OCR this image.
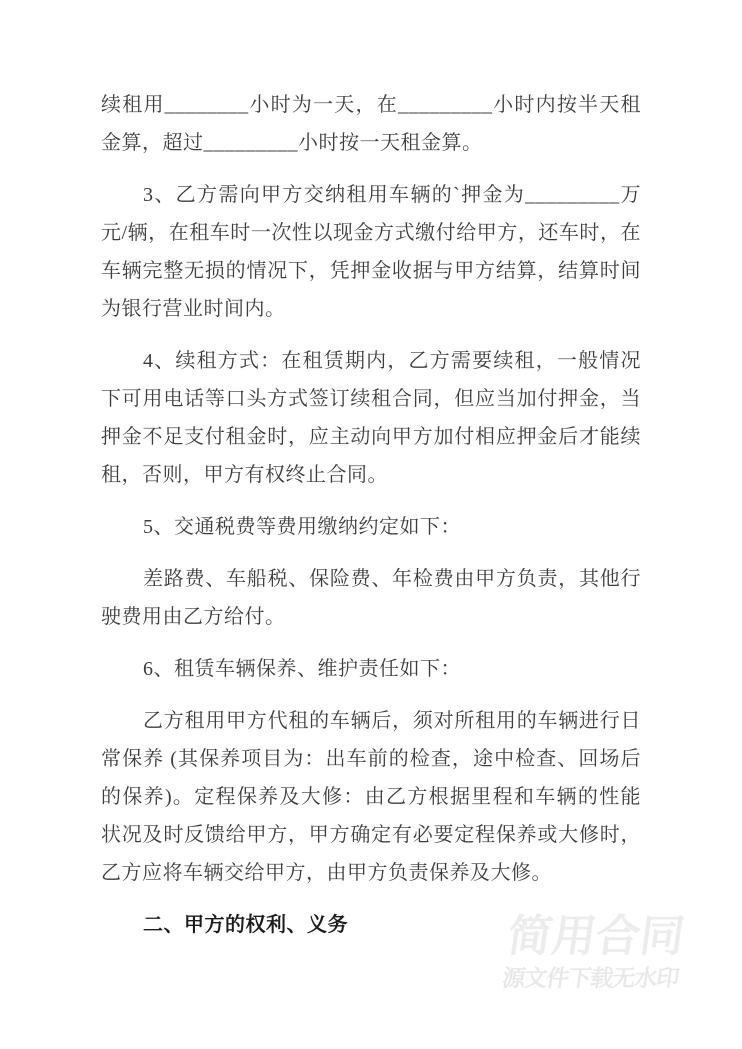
续租用________小时为一天，在_________小时内按半天租金算，超过_________小时按一天租金算。

3、乙方需向甲方交纳租用车辆的`押金为_________万元/辆，在租车时一次性以现金方式缴付给甲方，还车时，在车辆完整无损的情况下，凭押金收据与甲方结算，结算时间为银行营业时间内。

4、续租方式：在租赁期内，乙方需要续租，一般情况下可用电话等口头方式签订续租合同，但应当加付押金，当押金不足支付租金时，应主动向甲方加付相应押金后才能续租，否则，甲方有权终止合同。

5、交通税费等费用缴纳约定如下：

差路费、车船税、保险费、年检费由甲方负责，其他行驶费用由乙方给付。

6、租赁车辆保养、维护责任如下：

乙方租用甲方代租的车辆后，须对所租用的车辆进行日常保养 (其保养项目为：出车前的检查，途中检查、回场后的保养)。定程保养及大修：由乙方根据里程和车辆的性能状况及时反馈给甲方，甲方确定有必要定程保养或大修时，乙方应将车辆交给甲方，由甲方负责保养及大修。

二、甲方的权利、义务	简用合同
源文件下载无水印
